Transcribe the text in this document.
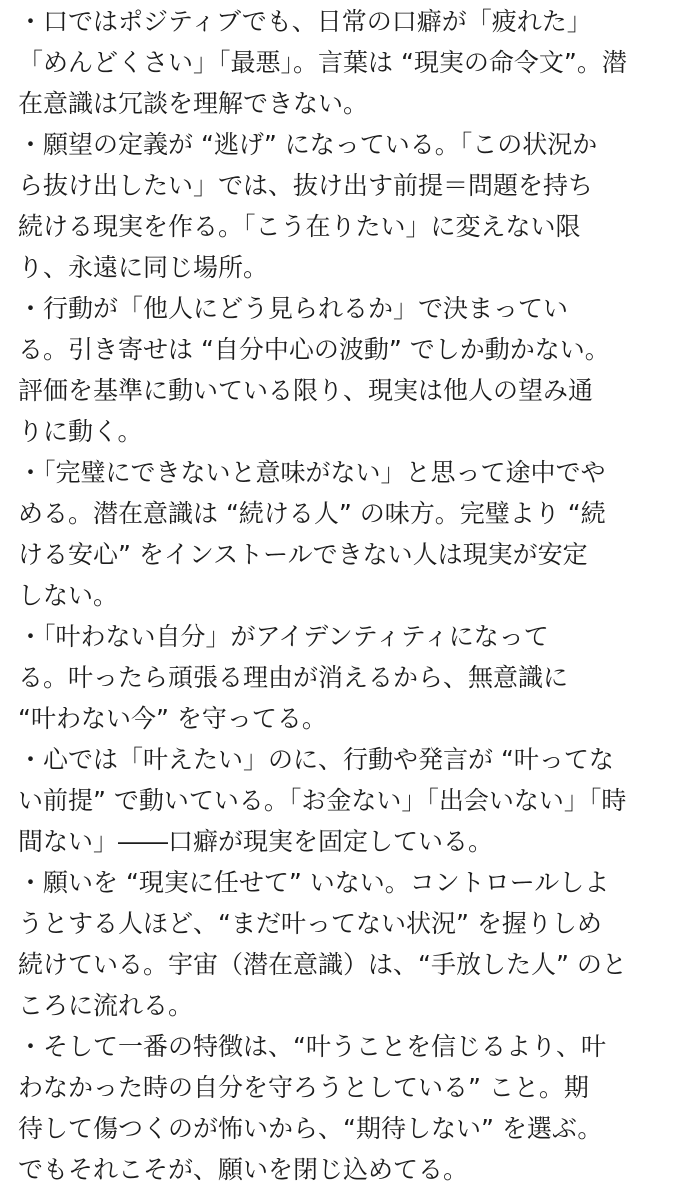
・口ではポジティブでも、日常の口癖が「疲れた」
「めんどくさい」「最悪」。言葉は “現実の命令文”。潜
在意識は冗談を理解できない。
・願望の定義が “逃げ” になっている。「この状況か
ら抜け出したい」では、抜け出す前提＝問題を持ち
続ける現実を作る。「こう在りたい」に変えない限
り、永遠に同じ場所。
・行動が「他人にどう見られるか」で決まってい
る。引き寄せは “自分中心の波動” でしか動かない。
評価を基準に動いている限り、現実は他人の望み通
りに動く。
・「完璧にできないと意味がない」と思って途中でや
める。潜在意識は “続ける人” の味方。完璧より “続
ける安心” をインストールできない人は現実が安定
しない。
・「叶わない自分」がアイデンティティになって
る。叶ったら頑張る理由が消えるから、無意識に
“叶わない今” を守ってる。
・心では「叶えたい」のに、行動や発言が “叶ってな
い前提” で動いている。「お金ない」「出会いない」「時
間ない」――口癖が現実を固定している。
・願いを “現実に任せて” いない。コントロールしよ
うとする人ほど、“まだ叶ってない状況” を握りしめ
続けている。宇宙（潜在意識）は、“手放した人” のと
ころに流れる。
・そして一番の特徴は、“叶うことを信じるより、叶
わなかった時の自分を守ろうとしている” こと。期
待して傷つくのが怖いから、“期待しない” を選ぶ。
でもそれこそが、願いを閉じ込めてる。
